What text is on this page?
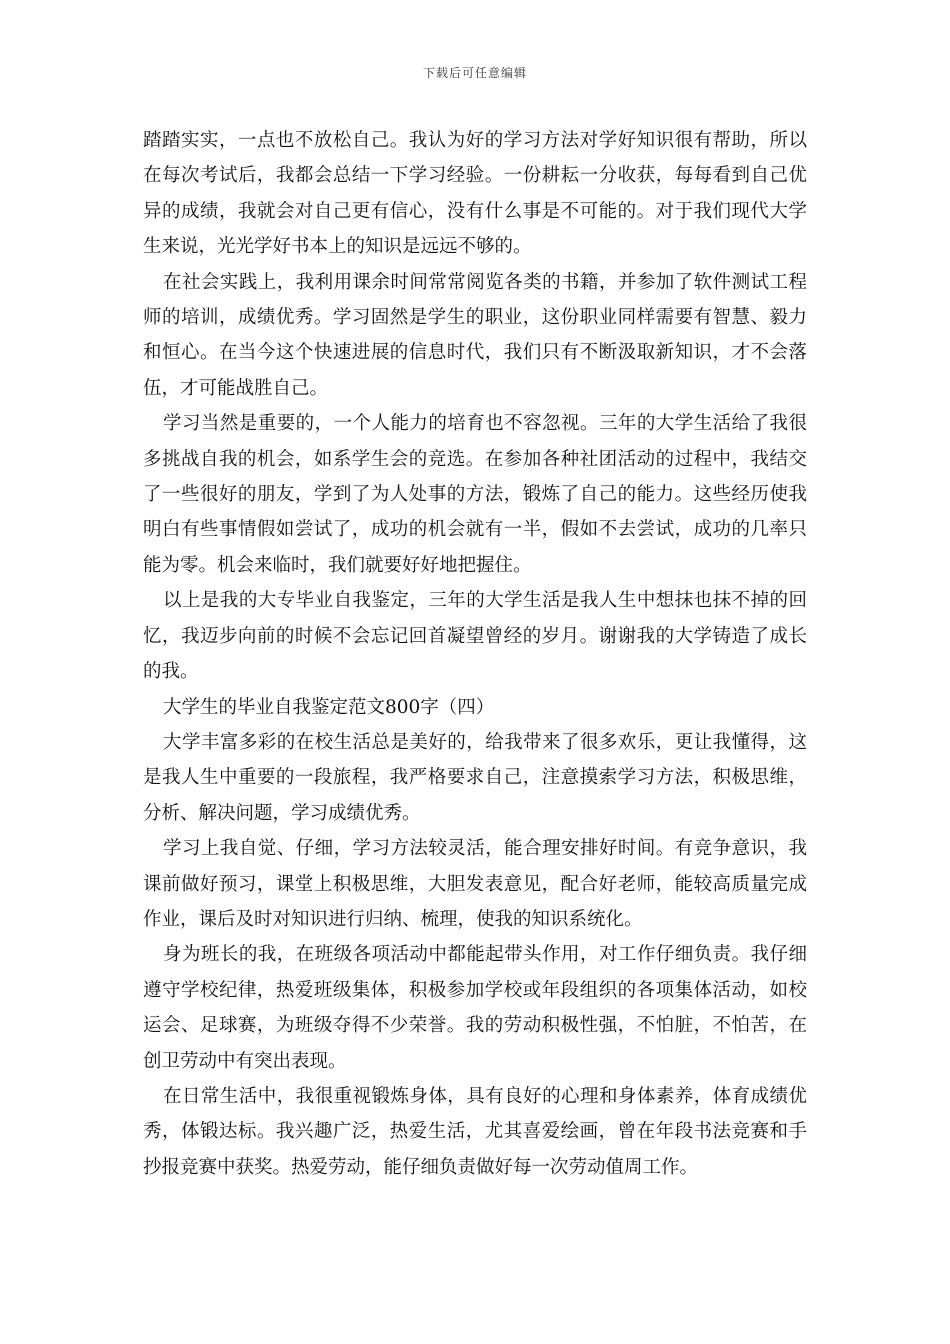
下载后可任意编辑

踏踏实实，一点也不放松自己。我认为好的学习方法对学好知识很有帮助，所以在每次考试后，我都会总结一下学习经验。一份耕耘一分收获，每每看到自己优异的成绩，我就会对自己更有信心，没有什么事是不可能的。对于我们现代大学生来说，光光学好书本上的知识是远远不够的。

在社会实践上，我利用课余时间常常阅览各类的书籍，并参加了软件测试工程师的培训，成绩优秀。学习固然是学生的职业，这份职业同样需要有智慧、毅力和恒心。在当今这个快速进展的信息时代，我们只有不断汲取新知识，才不会落伍，才可能战胜自己。

学习当然是重要的，一个人能力的培育也不容忽视。三年的大学生活给了我很多挑战自我的机会，如系学生会的竞选。在参加各种社团活动的过程中，我结交了一些很好的朋友，学到了为人处事的方法，锻炼了自己的能力。这些经历使我明白有些事情假如尝试了，成功的机会就有一半，假如不去尝试，成功的几率只能为零。机会来临时，我们就要好好地把握住。

以上是我的大专毕业自我鉴定，三年的大学生活是我人生中想抹也抹不掉的回忆，我迈步向前的时候不会忘记回首凝望曾经的岁月。谢谢我的大学铸造了成长的我。

大学生的毕业自我鉴定范文800字（四）

大学丰富多彩的在校生活总是美好的，给我带来了很多欢乐，更让我懂得，这是我人生中重要的一段旅程，我严格要求自己，注意摸索学习方法，积极思维，分析、解决问题，学习成绩优秀。

学习上我自觉、仔细，学习方法较灵活，能合理安排好时间。有竞争意识，我课前做好预习，课堂上积极思维，大胆发表意见，配合好老师，能较高质量完成作业，课后及时对知识进行归纳、梳理，使我的知识系统化。

身为班长的我，在班级各项活动中都能起带头作用，对工作仔细负责。我仔细遵守学校纪律，热爱班级集体，积极参加学校或年段组织的各项集体活动，如校运会、足球赛，为班级夺得不少荣誉。我的劳动积极性强，不怕脏，不怕苦，在创卫劳动中有突出表现。

在日常生活中，我很重视锻炼身体，具有良好的心理和身体素养，体育成绩优秀，体锻达标。我兴趣广泛，热爱生活，尤其喜爱绘画，曾在年段书法竞赛和手抄报竞赛中获奖。热爱劳动，能仔细负责做好每一次劳动值周工作。
